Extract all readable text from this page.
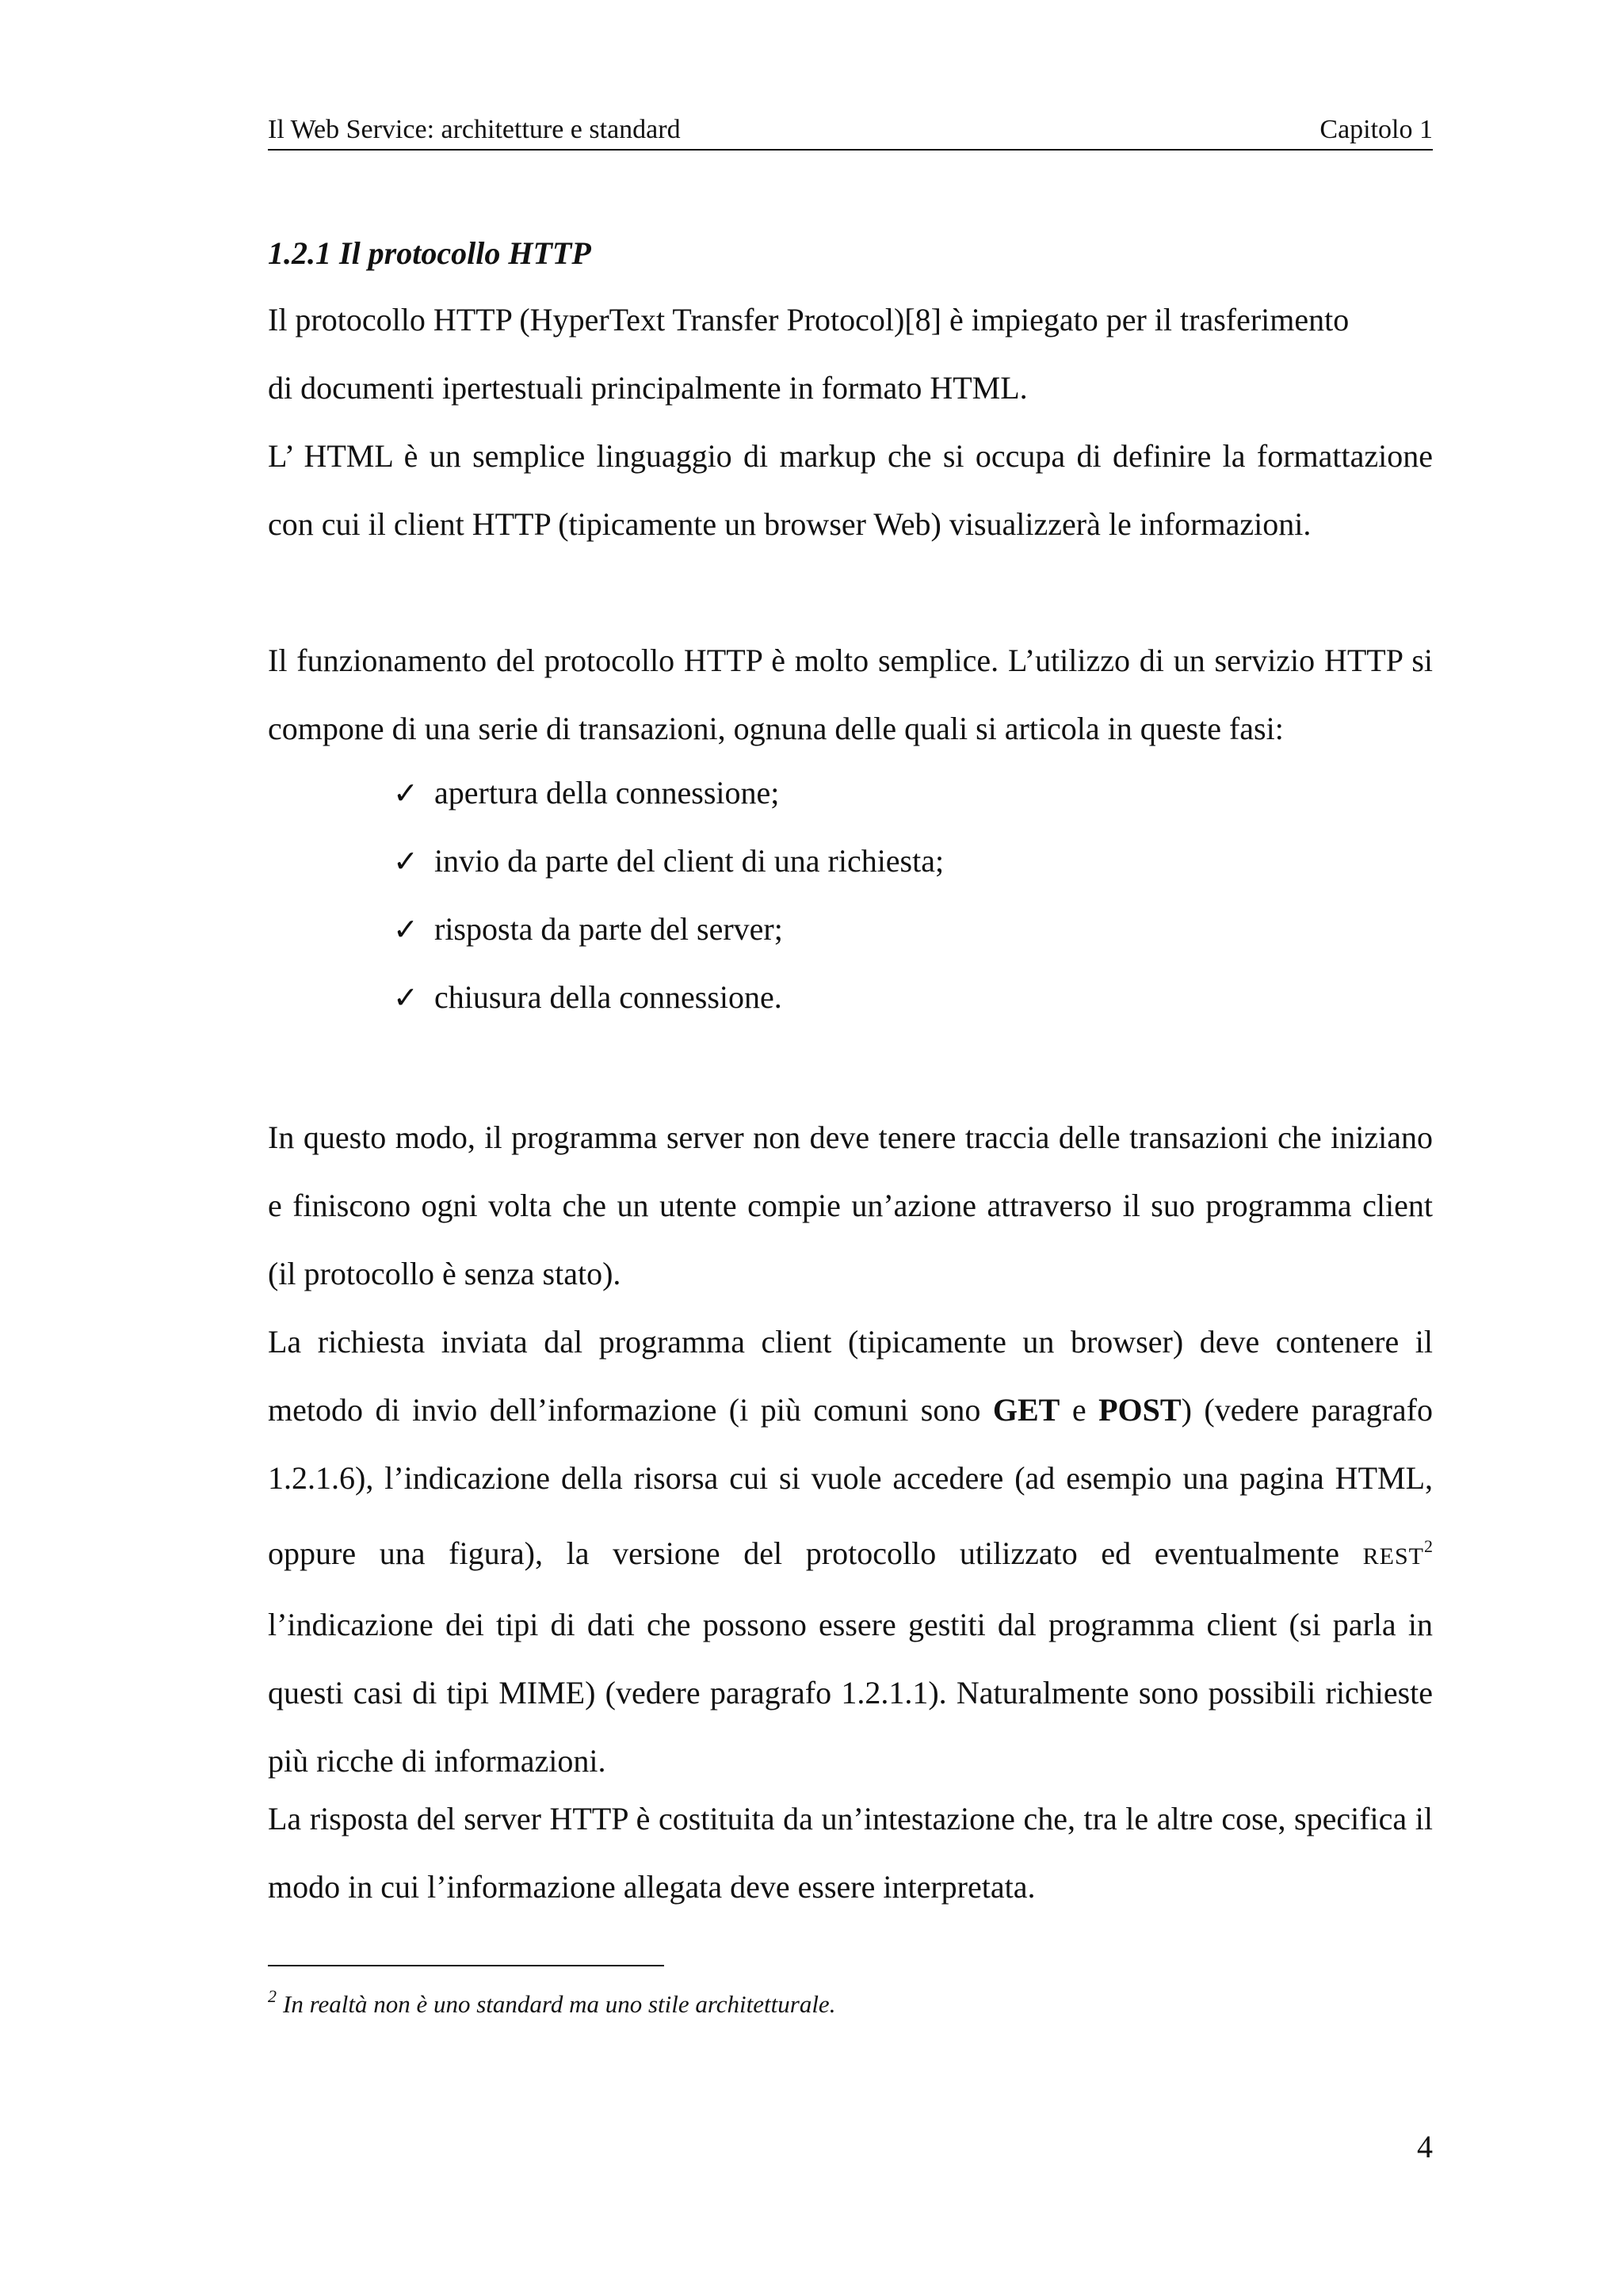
Il Web Service: architetture e standard	Capitolo 1
1.2.1 Il protocollo HTTP

Il protocollo HTTP (HyperText Transfer Protocol)[8] è impiegato per il trasferimento

di documenti ipertestuali principalmente in formato HTML.

L’ HTML è un semplice linguaggio di markup che si occupa di definire la formattazione con cui il client HTTP (tipicamente un browser Web) visualizzerà le informazioni.

Il funzionamento del protocollo HTTP è molto semplice. L’utilizzo di un servizio HTTP si compone di una serie di transazioni, ognuna delle quali si articola in queste fasi:

✓ apertura della connessione;
✓ invio da parte del client di una richiesta;
✓ risposta da parte del server;
✓ chiusura della connessione.

In questo modo, il programma server non deve tenere traccia delle transazioni che iniziano e finiscono ogni volta che un utente compie un’azione attraverso il suo programma client (il protocollo è senza stato).

La richiesta inviata dal programma client (tipicamente un browser) deve contenere il metodo di invio dell’informazione (i più comuni sono GET e POST) (vedere paragrafo 1.2.1.6), l’indicazione della risorsa cui si vuole accedere (ad esempio una pagina HTML, oppure una figura), la versione del protocollo utilizzato ed eventualmente REST$^2$ l’indicazione dei tipi di dati che possono essere gestiti dal programma client (si parla in questi casi di tipi MIME) (vedere paragrafo 1.2.1.1). Naturalmente sono possibili richieste più ricche di informazioni.

La risposta del server HTTP è costituita da un’intestazione che, tra le altre cose, specifica il modo in cui l’informazione allegata deve essere interpretata.

$^2$ In realtà non è uno standard ma uno stile architetturale.
4
